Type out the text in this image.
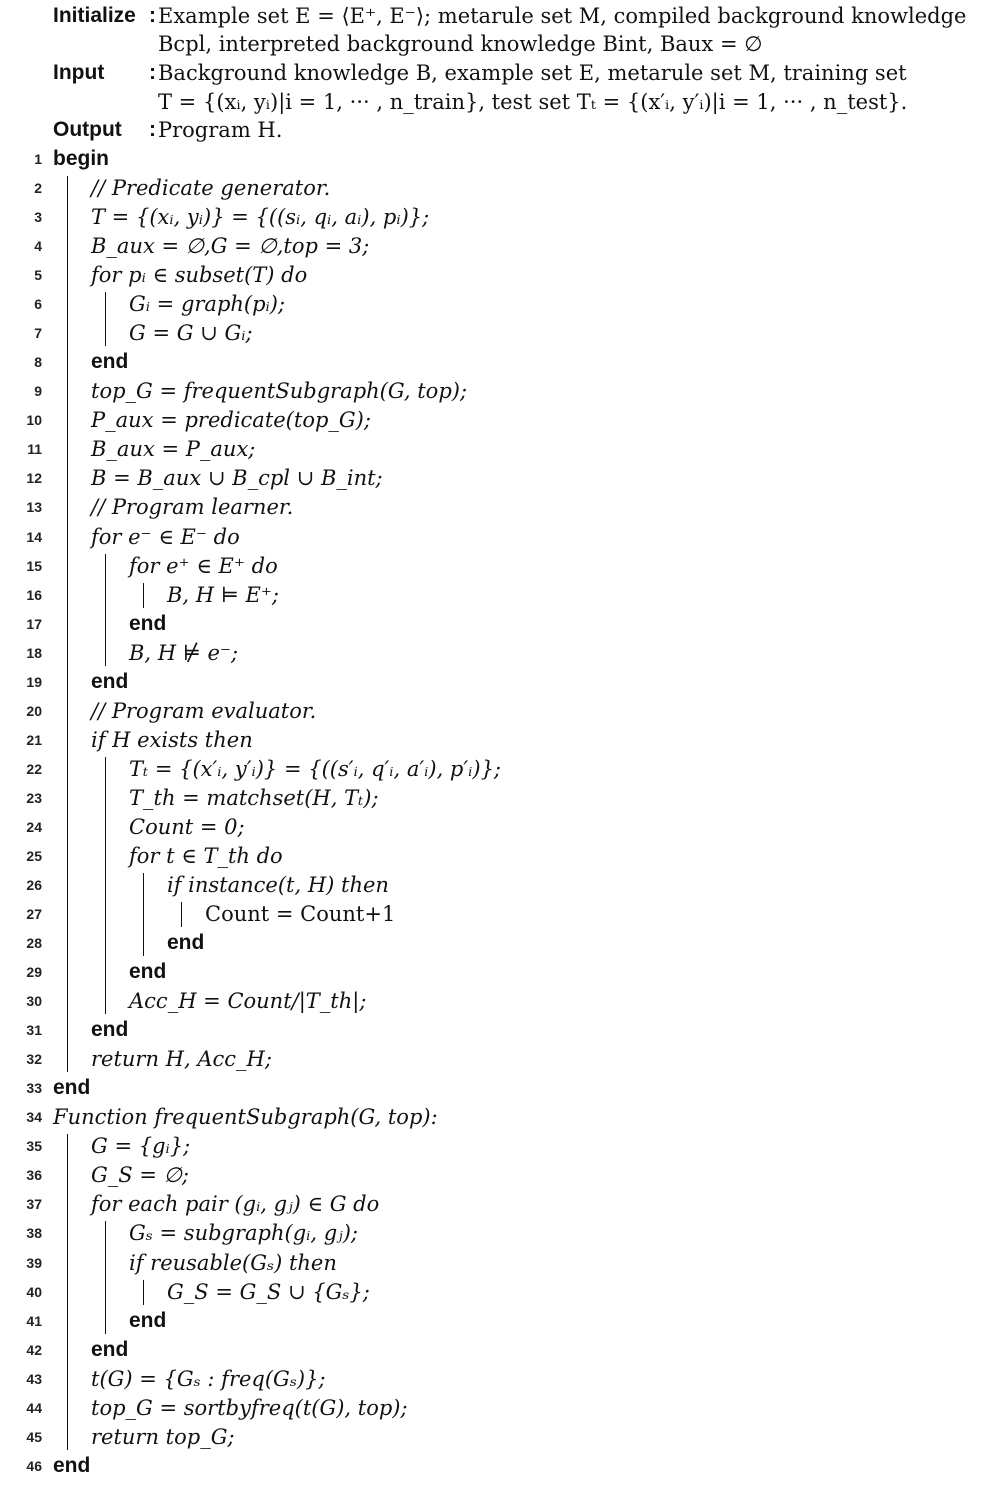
Initialize : Example set E = ⟨E⁺, E⁻⟩; metarule set M, compiled background knowledge
Bcpl, interpreted background knowledge Bint, Baux = ∅
Input : Background knowledge B, example set E, metarule set M, training set
T = {(xᵢ, yᵢ)|i = 1, ··· , n_train}, test set Tₜ = {(x′ᵢ, y′ᵢ)|i = 1, ··· , n_test}.
Output : Program H.
1 begin
2 // Predicate generator.
3 T = {(xᵢ, yᵢ)} = {((sᵢ, qᵢ, aᵢ), pᵢ)};
4 B_aux = ∅,G = ∅,top = 3;
5 for pᵢ ∈ subset(T) do
6	Gᵢ = graph(pᵢ);
7	G = G ∪ Gᵢ;
8 end
9 top_G = frequentSubgraph(G, top);
10 P_aux = predicate(top_G);
11 B_aux = P_aux;
12 B = B_aux ∪ B_cpl ∪ B_int;
13 // Program learner.
14 for e⁻ ∈ E⁻ do
15	for e⁺ ∈ E⁺ do
16	B, H ⊨ E⁺;
17	end
18	B, H ⊭ e⁻;
19 end
20 // Program evaluator.
21 if H exists then
22	Tₜ = {(x′ᵢ, y′ᵢ)} = {((s′ᵢ, q′ᵢ, a′ᵢ), p′ᵢ)};
23	T_th = matchset(H, Tₜ);
24	Count = 0;
25	for t ∈ T_th do
26	if instance(t, H) then
27	Count = Count+1
28	end
29	end
30	Acc_H = Count/|T_th|;
31 end
32 return H, Acc_H;
33 end
34 Function frequentSubgraph(G, top):
35 G = {gᵢ};
36 G_S = ∅;
37 for each pair (gᵢ, gⱼ) ∈ G do
38	Gₛ = subgraph(gᵢ, gⱼ);
39	if reusable(Gₛ) then
40	G_S = G_S ∪ {Gₛ};
41	end
42 end
43 t(G) = {Gₛ : freq(Gₛ)};
44 top_G = sortbyfreq(t(G), top);
45 return top_G;
46 end
